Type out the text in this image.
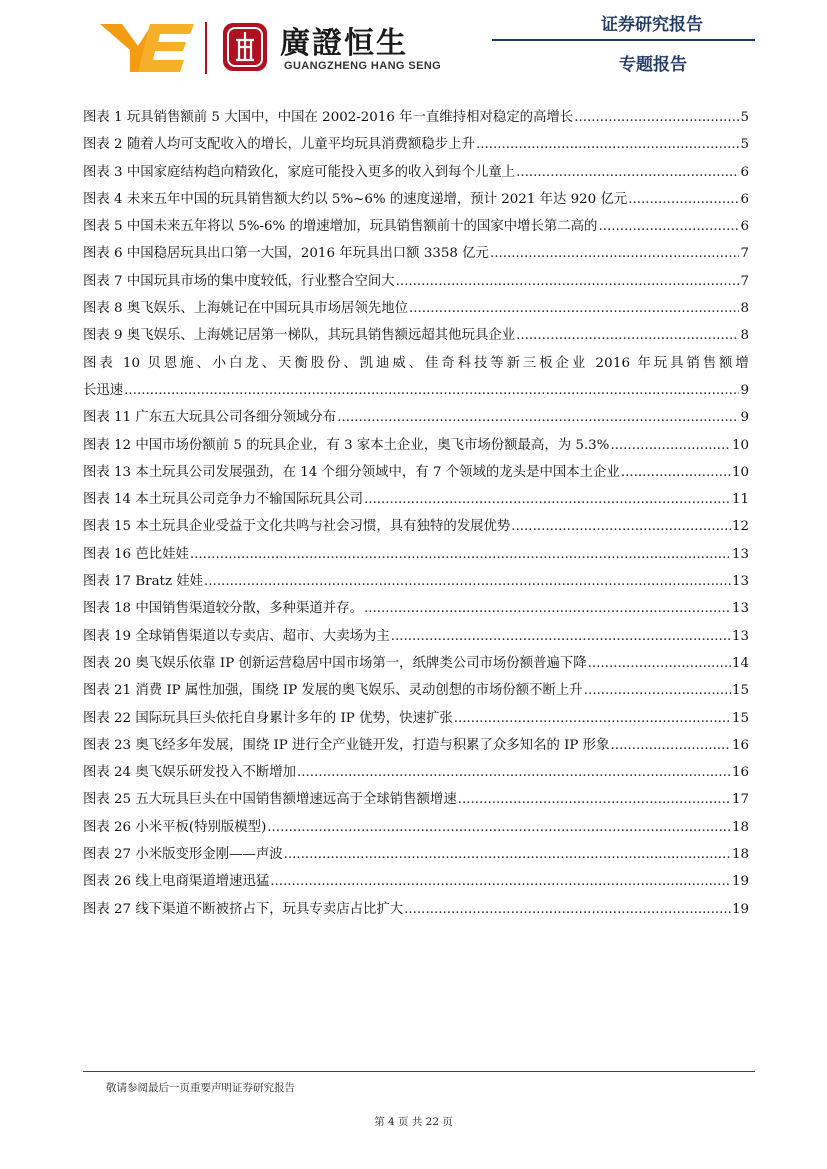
廣證恒生
GUANGZHENG HANG SENG
证券研究报告
专题报告
图表 1 玩具销售额前 5 大国中，中国在 2002-2016 年一直维持相对稳定的高增长 .....	5
图表 2 随着人均可支配收入的增长，儿童平均玩具消费额稳步上升 .....	5
图表 3 中国家庭结构趋向精致化，家庭可能投入更多的收入到每个儿童上 .....	6
图表 4 未来五年中国的玩具销售额大约以 5%~6% 的速度递增，预计 2021 年达 920 亿元 .....	6
图表 5 中国未来五年将以 5%-6% 的增速增加，玩具销售额前十的国家中增长第二高的 .....	6
图表 6 中国稳居玩具出口第一大国，2016 年玩具出口额 3358 亿元 .....	7
图表 7 中国玩具市场的集中度较低，行业整合空间大 .....	7
图表 8 奥飞娱乐、上海姚记在中国玩具市场居领先地位 .....	8
图表 9 奥飞娱乐、上海姚记居第一梯队，其玩具销售额远超其他玩具企业 .....	8
图表 10 贝恩施、小白龙、天衡股份、凯迪威、佳奇科技等新三板企业 2016 年玩具销售额增
长迅速 .....	9
图表 11 广东五大玩具公司各细分领域分布 .....	9
图表 12 中国市场份额前 5 的玩具企业，有 3 家本土企业，奥飞市场份额最高，为 5.3% .....	10
图表 13 本土玩具公司发展强劲，在 14 个细分领域中，有 7 个领域的龙头是中国本土企业 .....	10
图表 14 本土玩具公司竞争力不输国际玩具公司 .....	11
图表 15 本土玩具企业受益于文化共鸣与社会习惯，具有独特的发展优势 .....	12
图表 16 芭比娃娃 .....	13
图表 17 Bratz 娃娃 .....	13
图表 18 中国销售渠道较分散，多种渠道并存。 .....	13
图表 19 全球销售渠道以专卖店、超市、大卖场为主 .....	13
图表 20 奥飞娱乐依靠 IP 创新运营稳居中国市场第一，纸牌类公司市场份额普遍下降 .....	14
图表 21 消费 IP 属性加强，围绕 IP 发展的奥飞娱乐、灵动创想的市场份额不断上升 .....	15
图表 22 国际玩具巨头依托自身累计多年的 IP 优势，快速扩张 .....	15
图表 23 奥飞经多年发展，围绕 IP 进行全产业链开发，打造与积累了众多知名的 IP 形象 .....	16
图表 24 奥飞娱乐研发投入不断增加 .....	16
图表 25 五大玩具巨头在中国销售额增速远高于全球销售额增速 .....	17
图表 26 小米平板(特别版模型) .....	18
图表 27 小米版变形金刚——声波 .....	18
图表 26 线上电商渠道增速迅猛 .....	19
图表 27 线下渠道不断被挤占下，玩具专卖店占比扩大 .....	19
敬请参阅最后一页重要声明证券研究报告
第 4 页 共 22 页
